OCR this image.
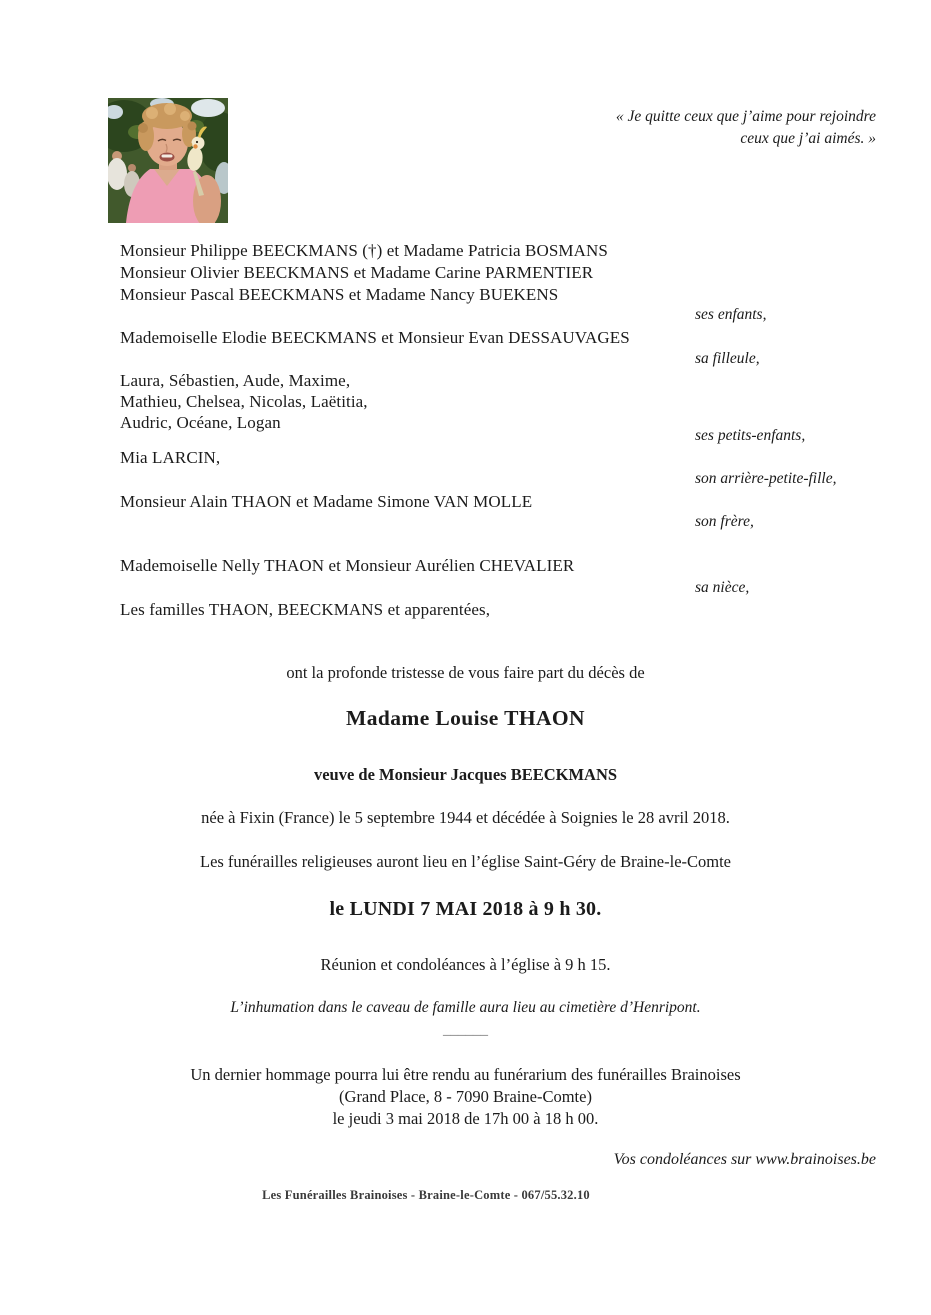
« Je quitte ceux que j’aime pour rejoindre
ceux que j’ai aimés. »
Monsieur Philippe BEECKMANS (†) et Madame Patricia BOSMANS
Monsieur Olivier BEECKMANS et Madame Carine PARMENTIER
Monsieur Pascal BEECKMANS et Madame Nancy BUEKENS
ses enfants,
Mademoiselle Elodie BEECKMANS et Monsieur Evan DESSAUVAGES
sa filleule,
Laura, Sébastien, Aude, Maxime,
Mathieu, Chelsea, Nicolas, Laëtitia,
Audric, Océane, Logan
ses petits-enfants,
Mia LARCIN,
son arrière-petite-fille,
Monsieur Alain THAON et Madame Simone VAN MOLLE
son frère,
Mademoiselle Nelly THAON et Monsieur Aurélien CHEVALIER
sa nièce,
Les familles THAON, BEECKMANS et apparentées,
ont la profonde tristesse de vous faire part du décès de
Madame Louise THAON
veuve de Monsieur Jacques BEECKMANS
née à Fixin (France) le 5 septembre 1944 et décédée à Soignies le 28 avril 2018.
Les funérailles religieuses auront lieu en l’église Saint-Géry de Braine-le-Comte
le LUNDI 7 MAI 2018 à 9 h 30.
Réunion et condoléances à l’église à 9 h 15.
L’inhumation dans le caveau de famille aura lieu au cimetière d’Henripont.
______
Un dernier hommage pourra lui être rendu au funérarium des funérailles Brainoises
(Grand Place, 8 - 7090 Braine-Comte)
le jeudi 3 mai 2018 de 17h 00 à 18 h 00.
Vos condoléances sur www.brainoises.be
Les Funérailles Brainoises - Braine-le-Comte - 067/55.32.10
